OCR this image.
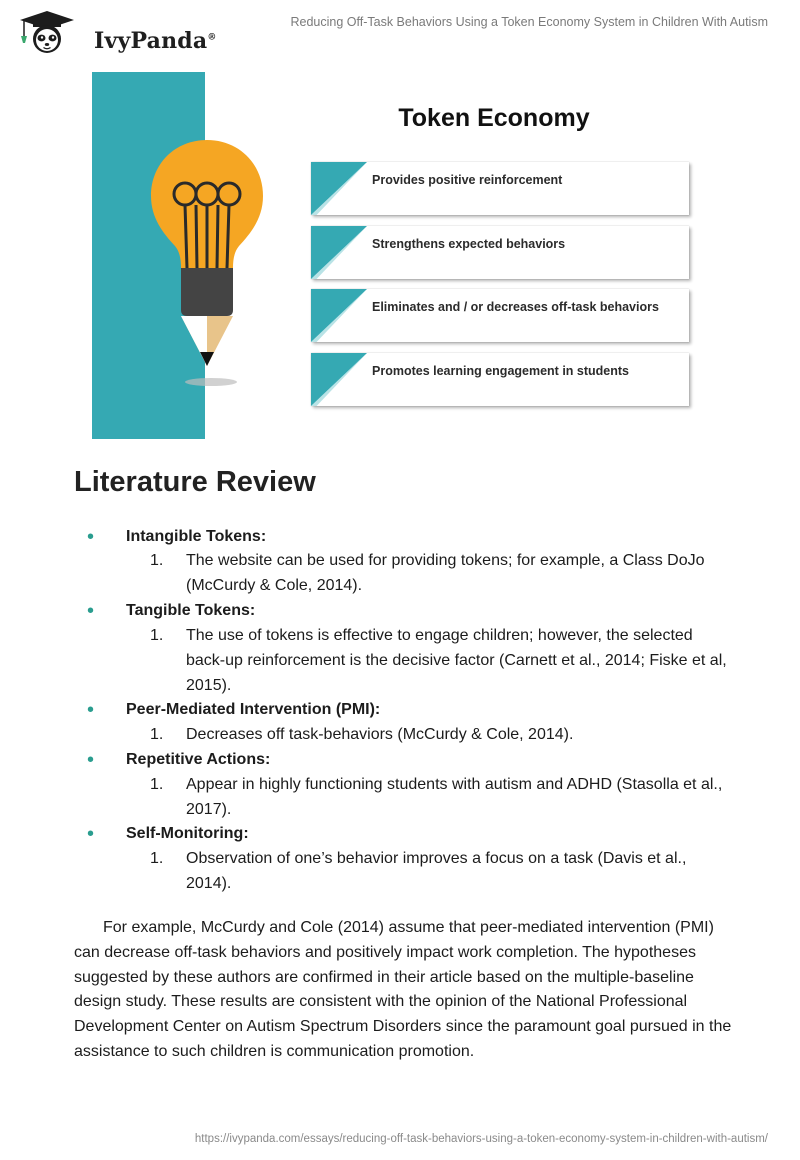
IvyPanda®
Reducing Off-Task Behaviors Using a Token Economy System in Children With Autism
Token Economy
Provides positive reinforcement
Strengthens expected behaviors
Eliminates and / or decreases off-task behaviors
Promotes learning engagement in students
Literature Review
• Intangible Tokens:
1. The website can be used for providing tokens; for example, a Class DoJo (McCurdy & Cole, 2014).
• Tangible Tokens:
1. The use of tokens is effective to engage children; however, the selected back-up reinforcement is the decisive factor (Carnett et al., 2014; Fiske et al, 2015).
• Peer-Mediated Intervention (PMI):
1. Decreases off task-behaviors (McCurdy & Cole, 2014).
• Repetitive Actions:
1. Appear in highly functioning students with autism and ADHD (Stasolla et al., 2017).
• Self-Monitoring:
1. Observation of one’s behavior improves a focus on a task (Davis et al., 2014).

For example, McCurdy and Cole (2014) assume that peer-mediated intervention (PMI) can decrease off-task behaviors and positively impact work completion. The hypotheses suggested by these authors are confirmed in their article based on the multiple-baseline design study. These results are consistent with the opinion of the National Professional Development Center on Autism Spectrum Disorders since the paramount goal pursued in the assistance to such children is communication promotion.

https://ivypanda.com/essays/reducing-off-task-behaviors-using-a-token-economy-system-in-children-with-autism/
